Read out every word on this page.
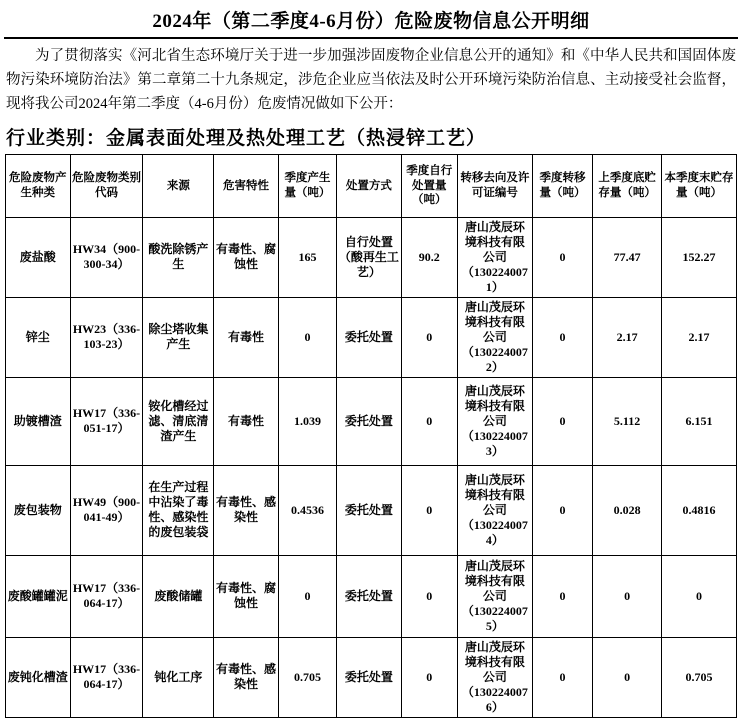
2024年（第二季度4-6月份）危险废物信息公开明细
为了贯彻落实《河北省生态环境厅关于进一步加强涉固废物企业信息公开的通知》和《中华人民共和国固体废物污染环境防治法》第二章第二十九条规定，涉危企业应当依法及时公开环境污染防治信息、主动接受社会监督，现将我公司2024年第二季度（4-6月份）危废情况做如下公开：
行业类别：金属表面处理及热处理工艺（热浸锌工艺）
危险废物产生种类	危险废物类别代码	来源	危害特性	季度产生量（吨）	处置方式	季度自行处置量（吨）	转移去向及许可证编号	季度转移量（吨）	上季度底贮存量（吨）	本季度末贮存量（吨）
废盐酸	HW34（900-300-34）	酸洗除锈产生	有毒性、腐蚀性	165	自行处置（酸再生工艺）	90.2	唐山茂辰环境科技有限公司（1302240071）	0	77.47	152.27
锌尘	HW23（336-103-23）	除尘塔收集产生	有毒性	0	委托处置	0	唐山茂辰环境科技有限公司（1302240072）	0	2.17	2.17
助镀槽渣	HW17（336-051-17）	铵化槽经过滤、清底清渣产生	有毒性	1.039	委托处置	0	唐山茂辰环境科技有限公司（1302240073）	0	5.112	6.151
废包装物	HW49（900-041-49）	在生产过程中沾染了毒性、感染性的废包装袋	有毒性、感染性	0.4536	委托处置	0	唐山茂辰环境科技有限公司（1302240074）	0	0.028	0.4816
废酸罐罐泥	HW17（336-064-17）	废酸储罐	有毒性、腐蚀性	0	委托处置	0	唐山茂辰环境科技有限公司（1302240075）	0	0	0
废钝化槽渣	HW17（336-064-17）	钝化工序	有毒性、感染性	0.705	委托处置	0	唐山茂辰环境科技有限公司（1302240076）	0	0	0.705
